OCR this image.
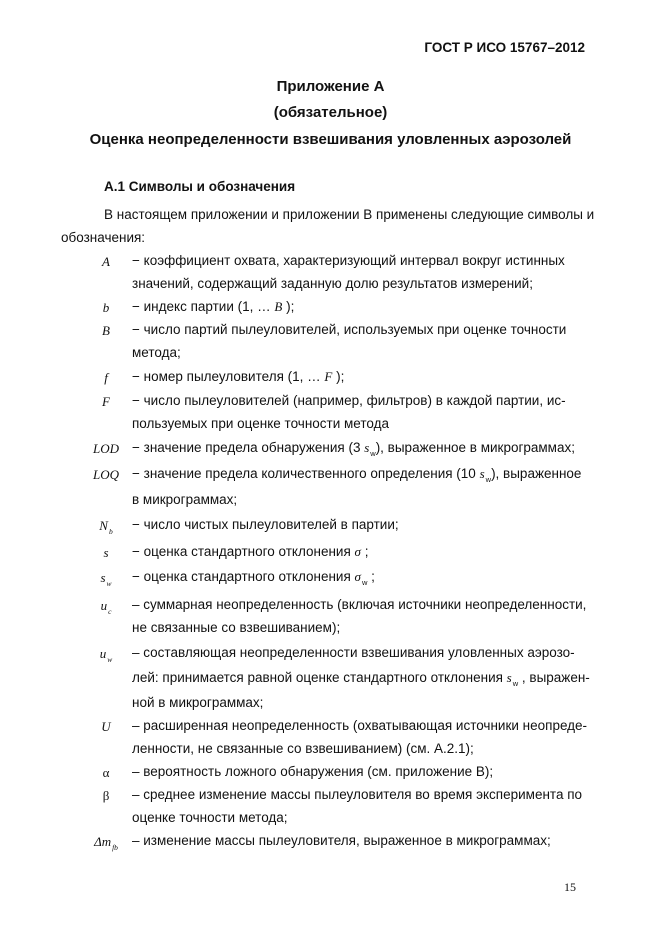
ГОСТ Р ИСО 15767–2012
Приложение А
(обязательное)
Оценка неопределенности взвешивания уловленных аэрозолей
А.1 Символы и обозначения
В настоящем приложении и приложении В применены следующие символы и
обозначения:
A	− коэффициент охвата, характеризующий интервал вокруг истинных
значений, содержащий заданную долю результатов измерений;
b	− индекс партии (1, … B );
B	− число партий пылеуловителей, используемых при оценке точности
метода;
f	− номер пылеуловителя (1, … F );
F	− число пылеуловителей (например, фильтров) в каждой партии, ис-
пользуемых при оценке точности метода
LOD − значение предела обнаружения (3 $s_w$), выраженное в микрограммах;
LOQ − значение предела количественного определения (10 $s_w$), выраженное
в микрограммах;
$N_b$	− число чистых пылеуловителей в партии;
s	− оценка стандартного отклонения σ ;
$s_w$	− оценка стандартного отклонения $\sigma_w$ ;
$u_c$	– суммарная неопределенность (включая источники неопределенности,
не связанные со взвешиванием);
$u_w$	– составляющая неопределенности взвешивания уловленных аэрозо-
лей: принимается равной оценке стандартного отклонения $s_w$ , выражен-
ной в микрограммах;
U	– расширенная неопределенность (охватывающая источники неопреде-
ленности, не связанные со взвешиванием) (см. А.2.1);
α	– вероятность ложного обнаружения (см. приложение В);
β	– среднее изменение массы пылеуловителя во время эксперимента по
оценке точности метода;
$\Delta m_{fb}$	– изменение массы пылеуловителя, выраженное в микрограммах;
15
